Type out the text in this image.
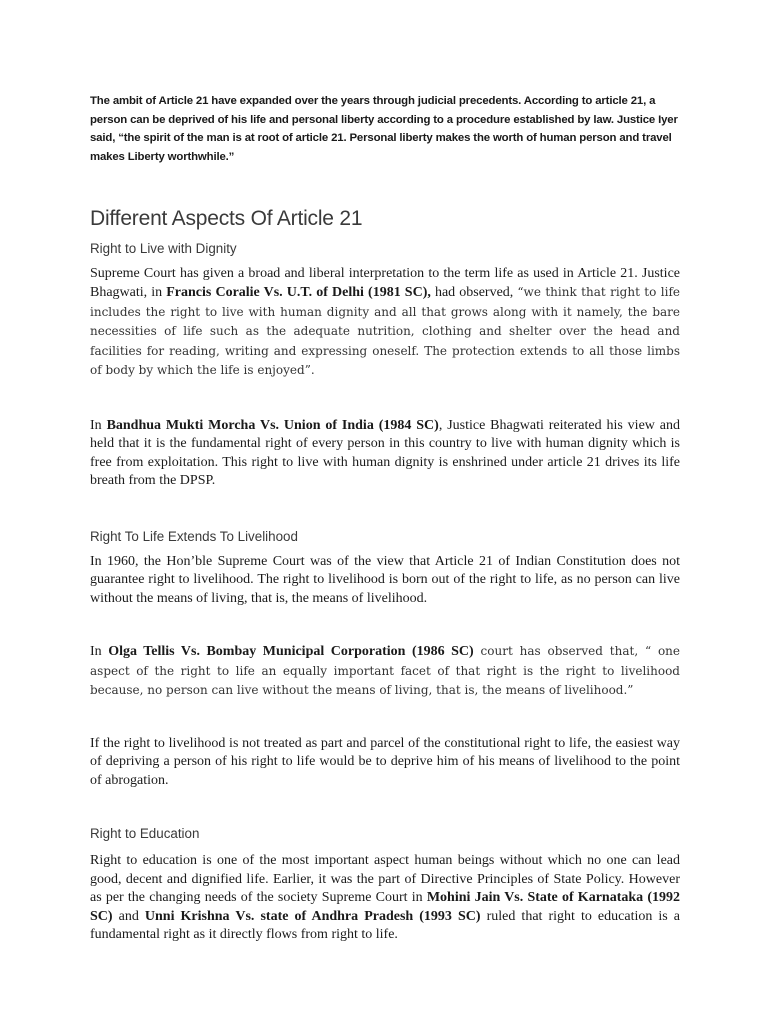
The ambit of Article 21 have expanded over the years through judicial precedents. According to article 21, a person can be deprived of his life and personal liberty according to a procedure established by law. Justice Iyer said, “the spirit of the man is at root of article 21. Personal liberty makes the worth of human person and travel makes Liberty worthwhile.”

Different Aspects Of Article 21
Right to Live with Dignity

Supreme Court has given a broad and liberal interpretation to the term life as used in Article 21. Justice Bhagwati, in Francis Coralie Vs. U.T. of Delhi (1981 SC), had observed, “we think that right to life includes the right to live with human dignity and all that grows along with it namely, the bare necessities of life such as the adequate nutrition, clothing and shelter over the head and facilities for reading, writing and expressing oneself. The protection extends to all those limbs of body by which the life is enjoyed”.

In Bandhua Mukti Morcha Vs. Union of India (1984 SC), Justice Bhagwati reiterated his view and held that it is the fundamental right of every person in this country to live with human dignity which is free from exploitation. This right to live with human dignity is enshrined under article 21 drives its life breath from the DPSP.

Right To Life Extends To Livelihood

In 1960, the Hon’ble Supreme Court was of the view that Article 21 of Indian Constitution does not guarantee right to livelihood. The right to livelihood is born out of the right to life, as no person can live without the means of living, that is, the means of livelihood.

In Olga Tellis Vs. Bombay Municipal Corporation (1986 SC) court has observed that, “ one aspect of the right to life an equally important facet of that right is the right to livelihood because, no person can live without the means of living, that is, the means of livelihood.”

If the right to livelihood is not treated as part and parcel of the constitutional right to life, the easiest way of depriving a person of his right to life would be to deprive him of his means of livelihood to the point of abrogation.

Right to Education

Right to education is one of the most important aspect human beings without which no one can lead good, decent and dignified life. Earlier, it was the part of Directive Principles of State Policy. However as per the changing needs of the society Supreme Court in Mohini Jain Vs. State of Karnataka (1992 SC) and Unni Krishna Vs. state of Andhra Pradesh (1993 SC) ruled that right to education is a fundamental right as it directly flows from right to life.
